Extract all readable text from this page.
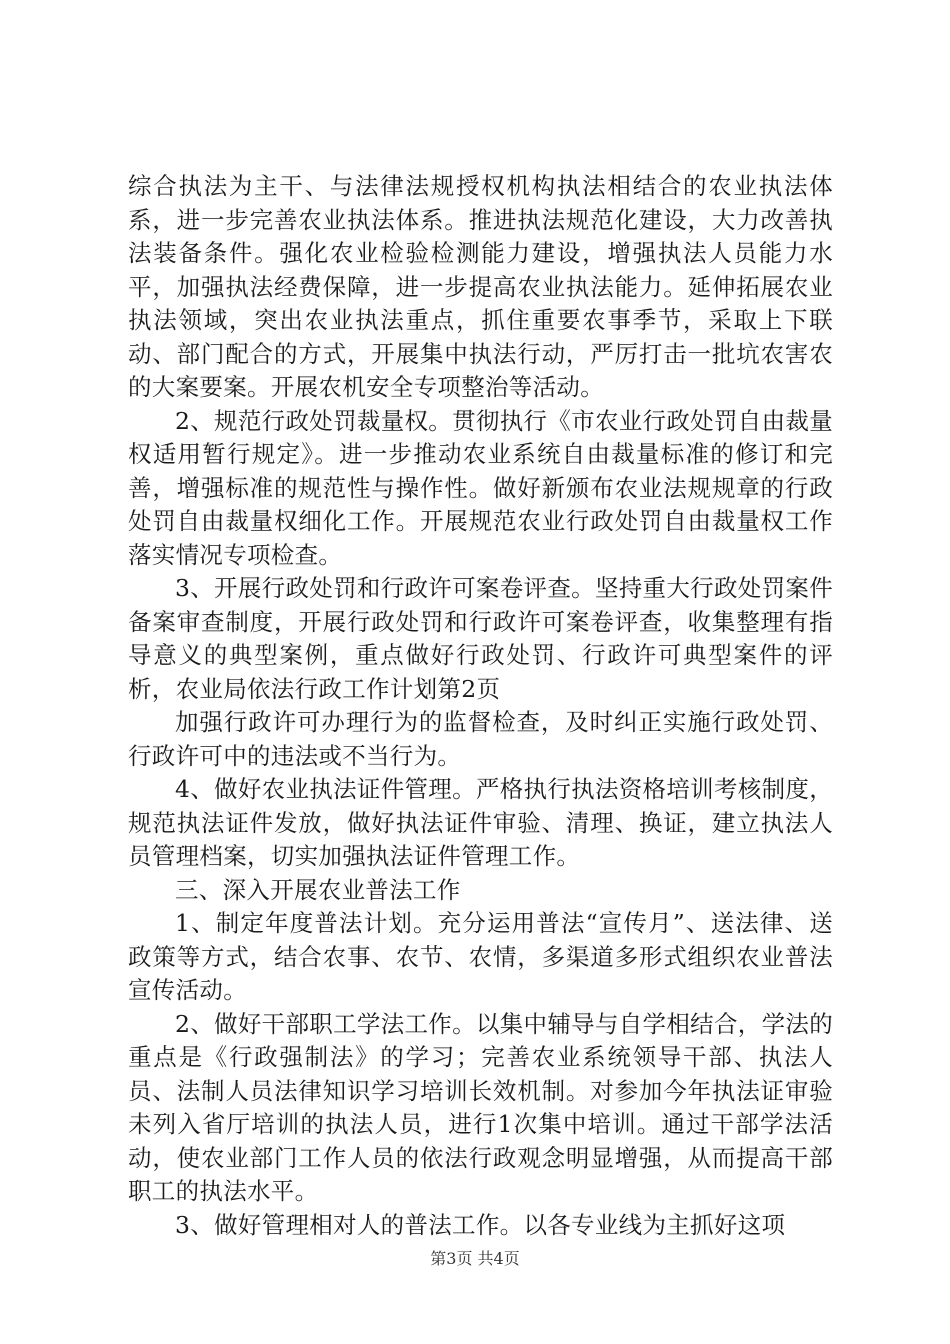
综合执法为主干、与法律法规授权机构执法相结合的农业执法体系，进一步完善农业执法体系。推进执法规范化建设，大力改善执法装备条件。强化农业检验检测能力建设，增强执法人员能力水平，加强执法经费保障，进一步提高农业执法能力。延伸拓展农业执法领域，突出农业执法重点，抓住重要农事季节，采取上下联动、部门配合的方式，开展集中执法行动，严厉打击一批坑农害农的大案要案。开展农机安全专项整治等活动。

2、规范行政处罚裁量权。贯彻执行《市农业行政处罚自由裁量权适用暂行规定》。进一步推动农业系统自由裁量标准的修订和完善，增强标准的规范性与操作性。做好新颁布农业法规规章的行政处罚自由裁量权细化工作。开展规范农业行政处罚自由裁量权工作落实情况专项检查。

3、开展行政处罚和行政许可案卷评查。坚持重大行政处罚案件备案审查制度，开展行政处罚和行政许可案卷评查，收集整理有指导意义的典型案例，重点做好行政处罚、行政许可典型案件的评析，农业局依法行政工作计划第2页

加强行政许可办理行为的监督检查，及时纠正实施行政处罚、行政许可中的违法或不当行为。

4、做好农业执法证件管理。严格执行执法资格培训考核制度，规范执法证件发放，做好执法证件审验、清理、换证，建立执法人员管理档案，切实加强执法证件管理工作。

三、深入开展农业普法工作

1、制定年度普法计划。充分运用普法“宣传月”、送法律、送政策等方式，结合农事、农节、农情，多渠道多形式组织农业普法宣传活动。

2、做好干部职工学法工作。以集中辅导与自学相结合，学法的重点是《行政强制法》的学习；完善农业系统领导干部、执法人员、法制人员法律知识学习培训长效机制。对参加今年执法证审验未列入省厅培训的执法人员，进行1次集中培训。通过干部学法活动，使农业部门工作人员的依法行政观念明显增强，从而提高干部职工的执法水平。

3、做好管理相对人的普法工作。以各专业线为主抓好这项

第3页 共4页
